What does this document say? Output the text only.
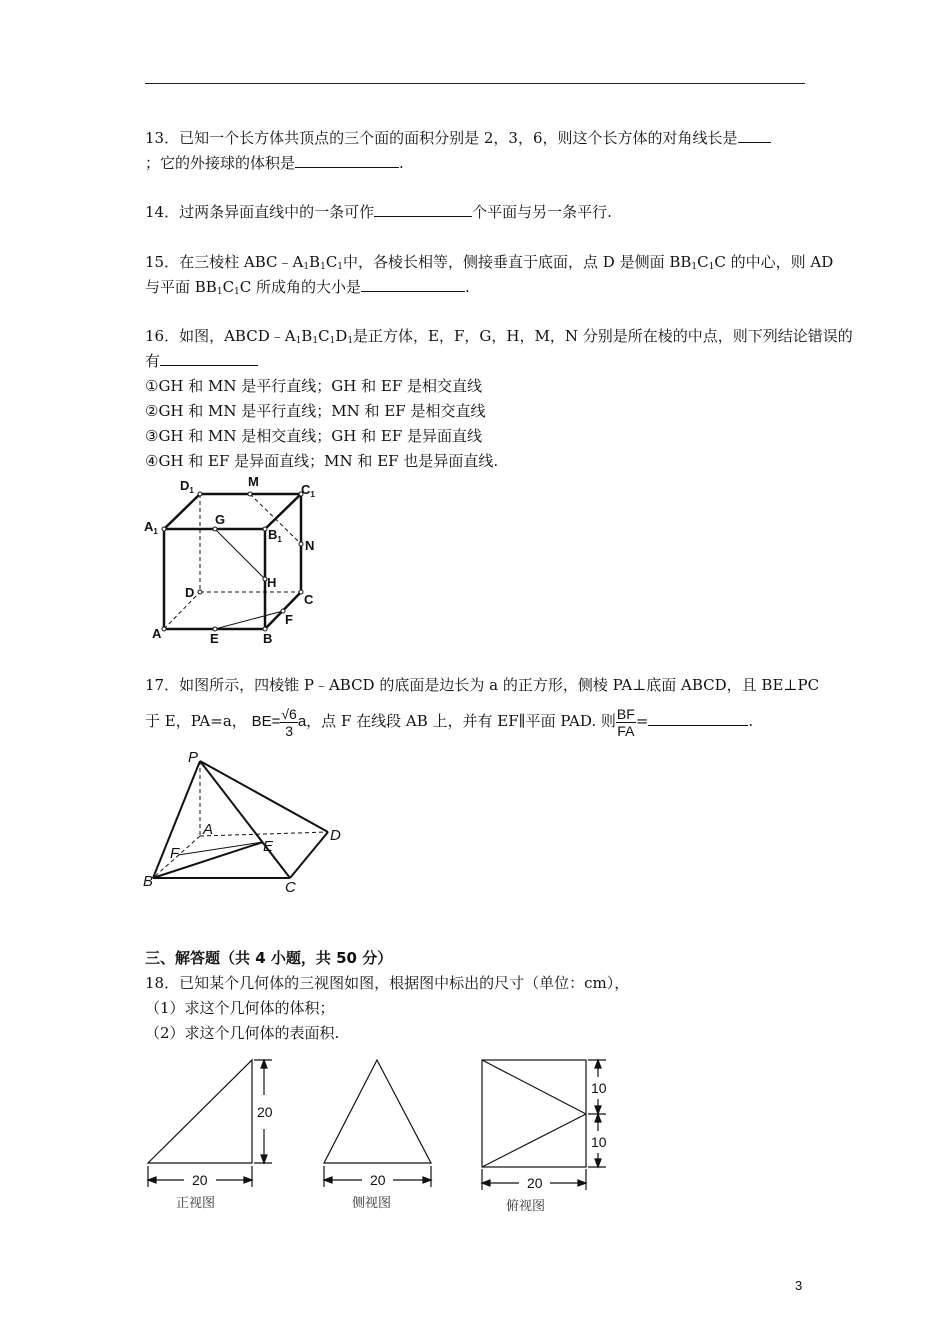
13．已知一个长方体共顶点的三个面的面积分别是 2，3，6，则这个长方体的对角线长是
；它的外接球的体积是	.
14．过两条异面直线中的一条可作	个平面与另一条平行.
15．在三棱柱 $ABC﹣A_1B_1C_1$中，各棱长相等，侧接垂直于底面，点 D 是侧面 $BB_1C_1C$ 的中心，则 AD
与平面 $BB_1C_1C$ 所成角的大小是	.
16．如图，$ABCD﹣A_1B_1C_1D_1$是正方体，E，F，G，H，M，N 分别是所在棱的中点，则下列结论错误的
有
①GH 和 MN 是平行直线；GH 和 EF 是相交直线
②GH 和 MN 是平行直线；MN 和 EF 是相交直线
③GH 和 MN 是相交直线；GH 和 EF 是异面直线
④GH 和 EF 是异面直线；MN 和 EF 也是异面直线.
$D_1$
M
$C_1$
$A_1$
G
$B_1$ N
H
D	C
F
A	E	B
17．如图所示，四棱锥 P﹣ABCD 的底面是边长为 a 的正方形，侧棱 PA⊥底面 ABCD，且 BE⊥PC
于 E，PA=a， $BE= \frac{√6}{3}$ a，点 F 在线段 AB 上，并有 EF∥平面 PAD. 则 $\frac{BF}{FA}$ =	.
P
A	D
F	E
B	C
三、解答题（共 4 小题，共 50 分）
18．已知某个几何体的三视图如图，根据图中标出的尺寸（单位：cm），
（1）求这个几何体的体积；
（2）求这个几何体的表面积.
20
20	20
10
10
20
正视图	侧视图	俯视图
3
